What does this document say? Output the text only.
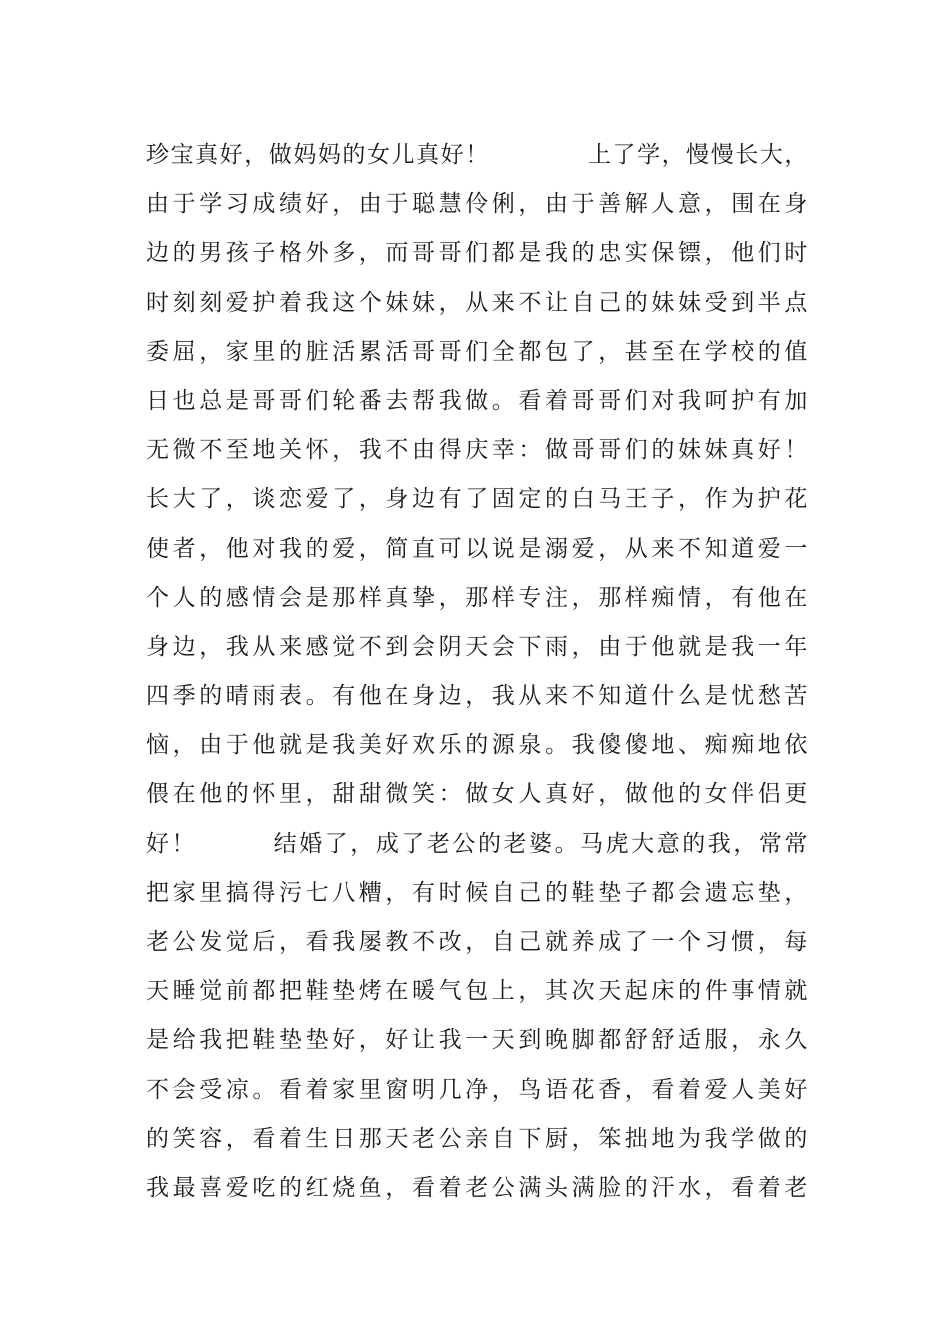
珍宝真好，做妈妈的女儿真好！　　　　上了学，慢慢长大，
由于学习成绩好，由于聪慧伶俐，由于善解人意，围在身
边的男孩子格外多，而哥哥们都是我的忠实保镖，他们时
时刻刻爱护着我这个妹妹，从来不让自己的妹妹受到半点
委屈，家里的脏活累活哥哥们全都包了，甚至在学校的值
日也总是哥哥们轮番去帮我做。看着哥哥们对我呵护有加
无微不至地关怀，我不由得庆幸：做哥哥们的妹妹真好！
长大了，谈恋爱了，身边有了固定的白马王子，作为护花
使者，他对我的爱，简直可以说是溺爱，从来不知道爱一
个人的感情会是那样真挚，那样专注，那样痴情，有他在
身边，我从来感觉不到会阴天会下雨，由于他就是我一年
四季的晴雨表。有他在身边，我从来不知道什么是忧愁苦
恼，由于他就是我美好欢乐的源泉。我傻傻地、痴痴地依
偎在他的怀里，甜甜微笑：做女人真好，做他的女伴侣更
好！　　　结婚了，成了老公的老婆。马虎大意的我，常常
把家里搞得污七八糟，有时候自己的鞋垫子都会遗忘垫，
老公发觉后，看我屡教不改，自己就养成了一个习惯，每
天睡觉前都把鞋垫烤在暖气包上，其次天起床的件事情就
是给我把鞋垫垫好，好让我一天到晚脚都舒舒适服，永久
不会受凉。看着家里窗明几净，鸟语花香，看着爱人美好
的笑容，看着生日那天老公亲自下厨，笨拙地为我学做的
我最喜爱吃的红烧鱼，看着老公满头满脸的汗水，看着老
